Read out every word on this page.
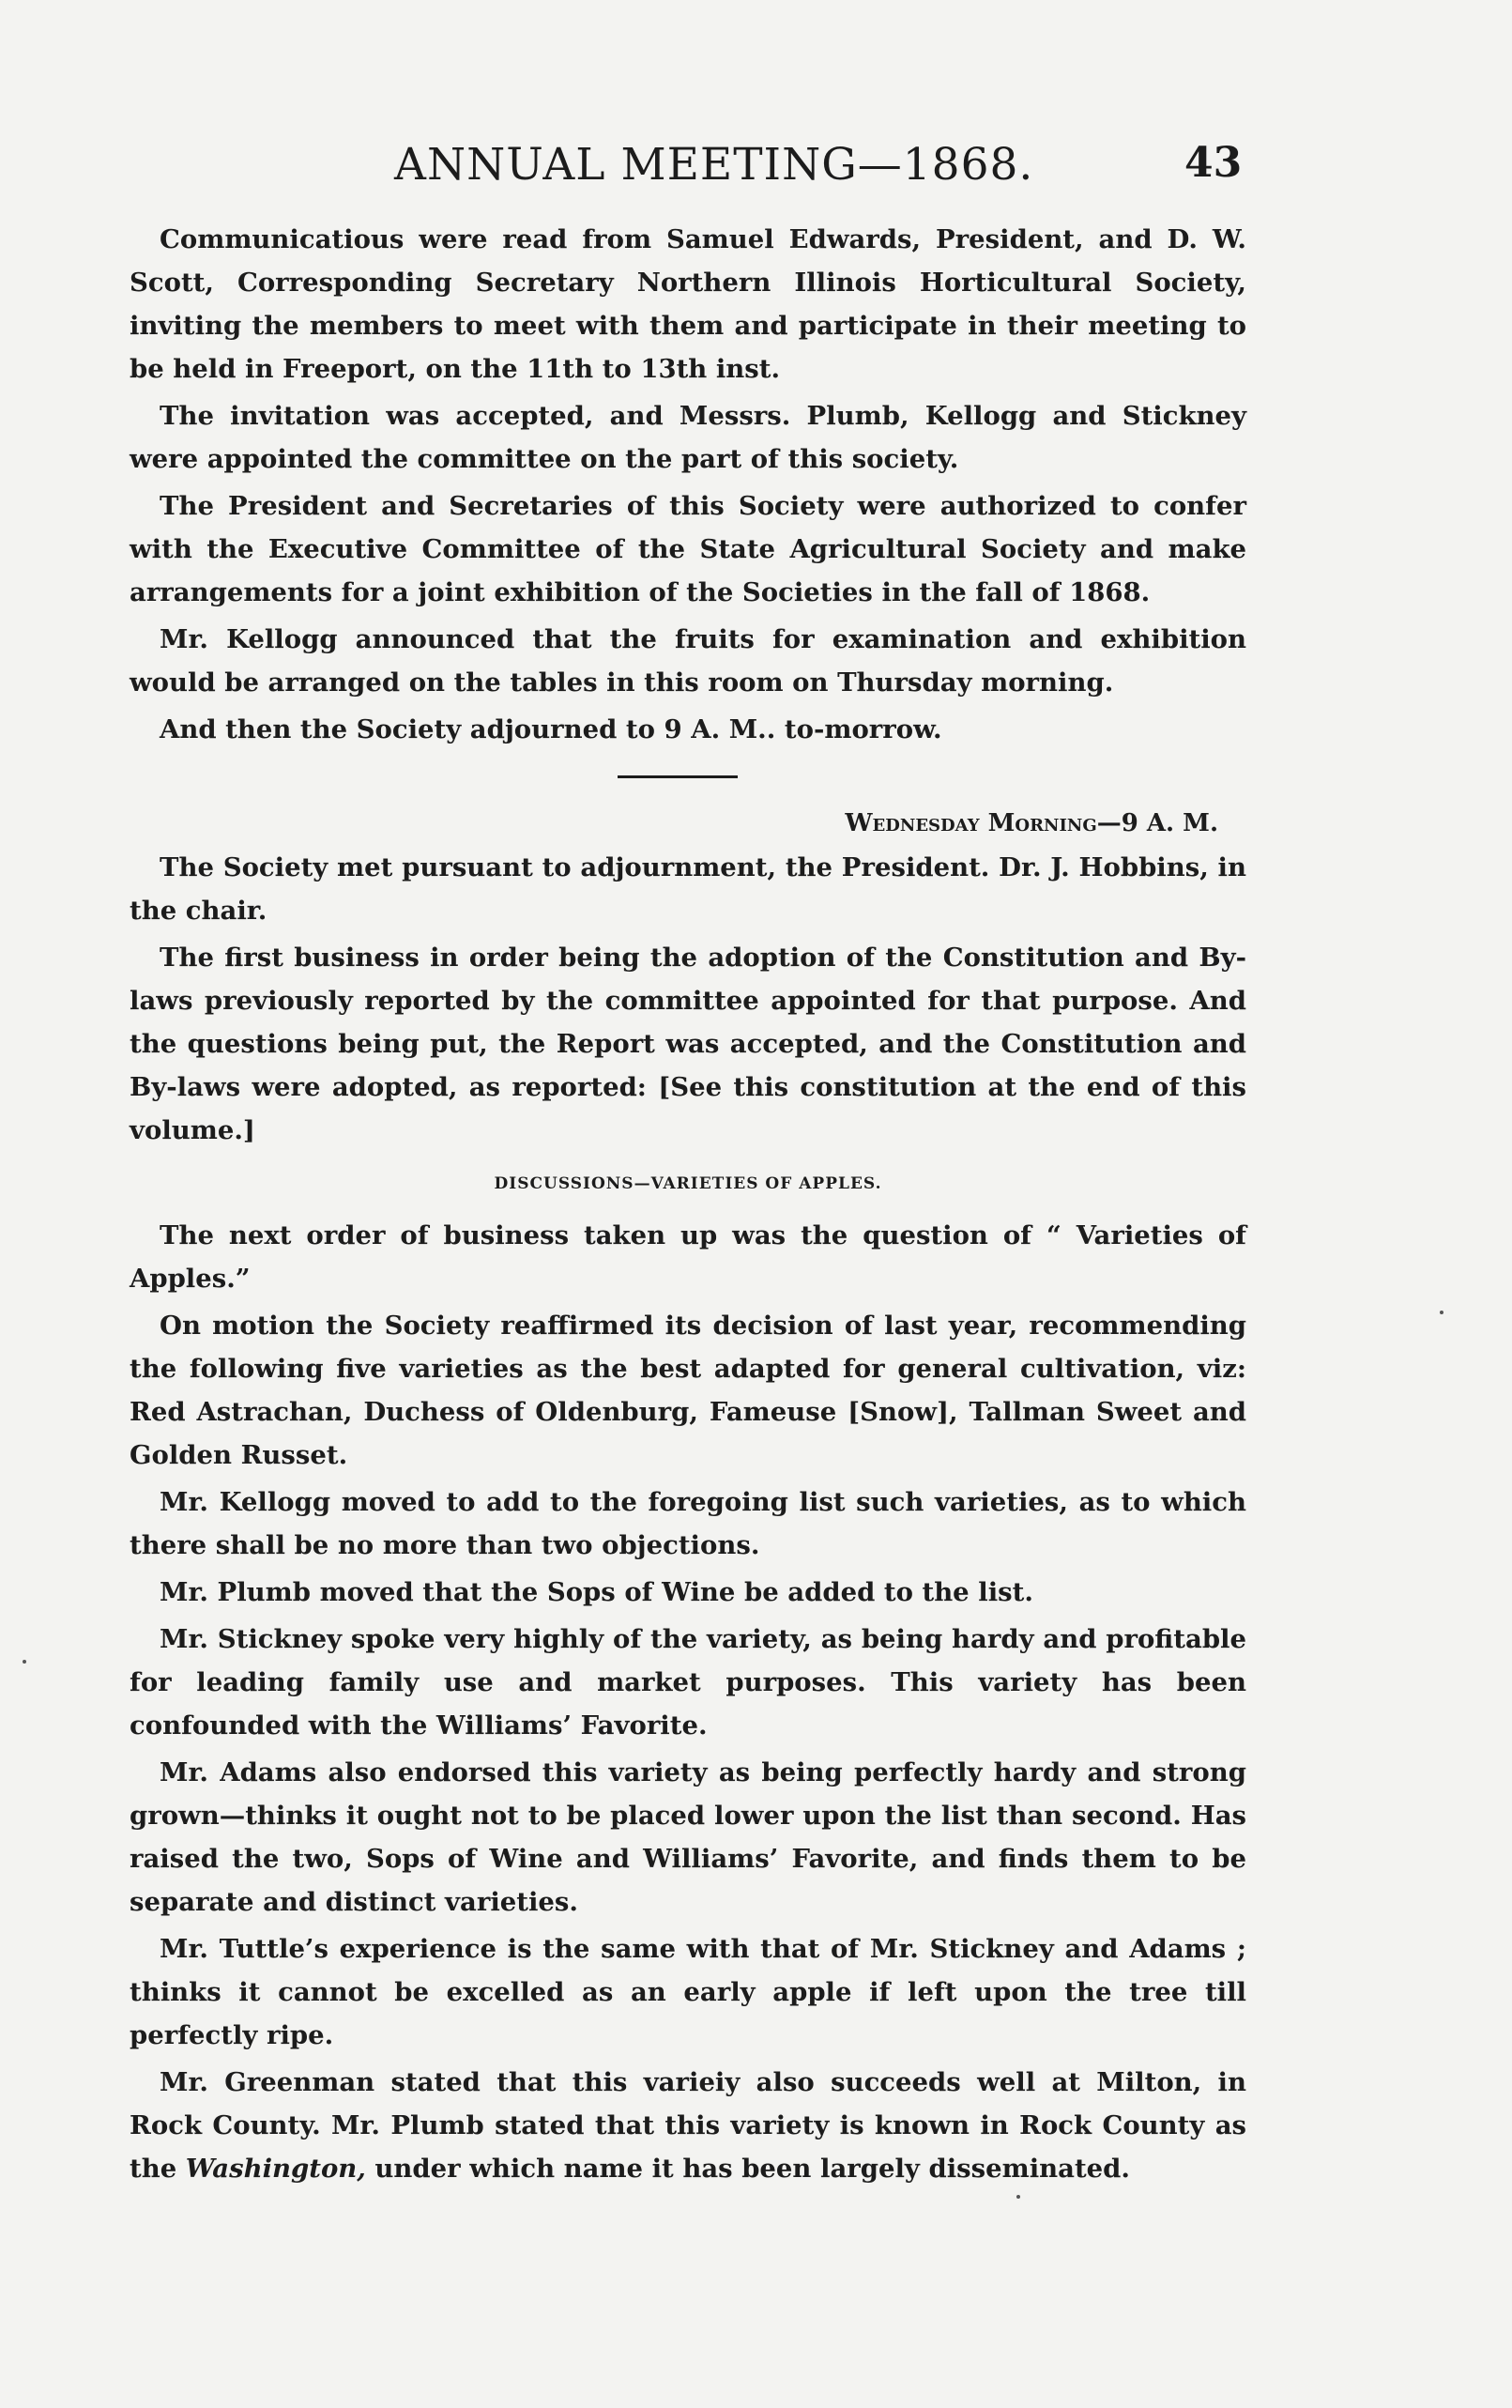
ANNUAL MEETING—1868.	43

Communicatious were read from Samuel Edwards, President, and D. W. Scott, Corresponding Secretary Northern Illinois Horticultural Society, inviting the members to meet with them and participate in their meeting to be held in Freeport, on the 11th to 13th inst.

The invitation was accepted, and Messrs. Plumb, Kellogg and Stickney were appointed the committee on the part of this society.

The President and Secretaries of this Society were authorized to confer with the Executive Committee of the State Agricultural Society and make arrangements for a joint exhibition of the Societies in the fall of 1868.

Mr. Kellogg announced that the fruits for examination and exhibition would be arranged on the tables in this room on Thursday morning.

And then the Society adjourned to 9 A. M.. to-morrow.

Wednesday Morning—9 A. M.

The Society met pursuant to adjournment, the President. Dr. J. Hobbins, in the chair.

The first business in order being the adoption of the Constitution and By-laws previously reported by the committee appointed for that purpose. And the questions being put, the Report was accepted, and the Constitution and By-laws were adopted, as reported: [See this constitution at the end of this volume.]

DISCUSSIONS—VARIETIES OF APPLES.

The next order of business taken up was the question of “ Varieties of Apples.”

On motion the Society reaffirmed its decision of last year, recommending the following five varieties as the best adapted for general cultivation, viz: Red Astrachan, Duchess of Oldenburg, Fameuse [Snow], Tallman Sweet and Golden Russet.

Mr. Kellogg moved to add to the foregoing list such varieties, as to which there shall be no more than two objections.

Mr. Plumb moved that the Sops of Wine be added to the list.

Mr. Stickney spoke very highly of the variety, as being hardy and profitable for leading family use and market purposes. This variety has been confounded with the Williams’ Favorite.

Mr. Adams also endorsed this variety as being perfectly hardy and strong grown—thinks it ought not to be placed lower upon the list than second. Has raised the two, Sops of Wine and Williams’ Favorite, and finds them to be separate and distinct varieties.

Mr. Tuttle’s experience is the same with that of Mr. Stickney and Adams ; thinks it cannot be excelled as an early apple if left upon the tree till perfectly ripe.

Mr. Greenman stated that this varieiy also succeeds well at Milton, in Rock County. Mr. Plumb stated that this variety is known in Rock County as the Washington, under which name it has been largely disseminated.
